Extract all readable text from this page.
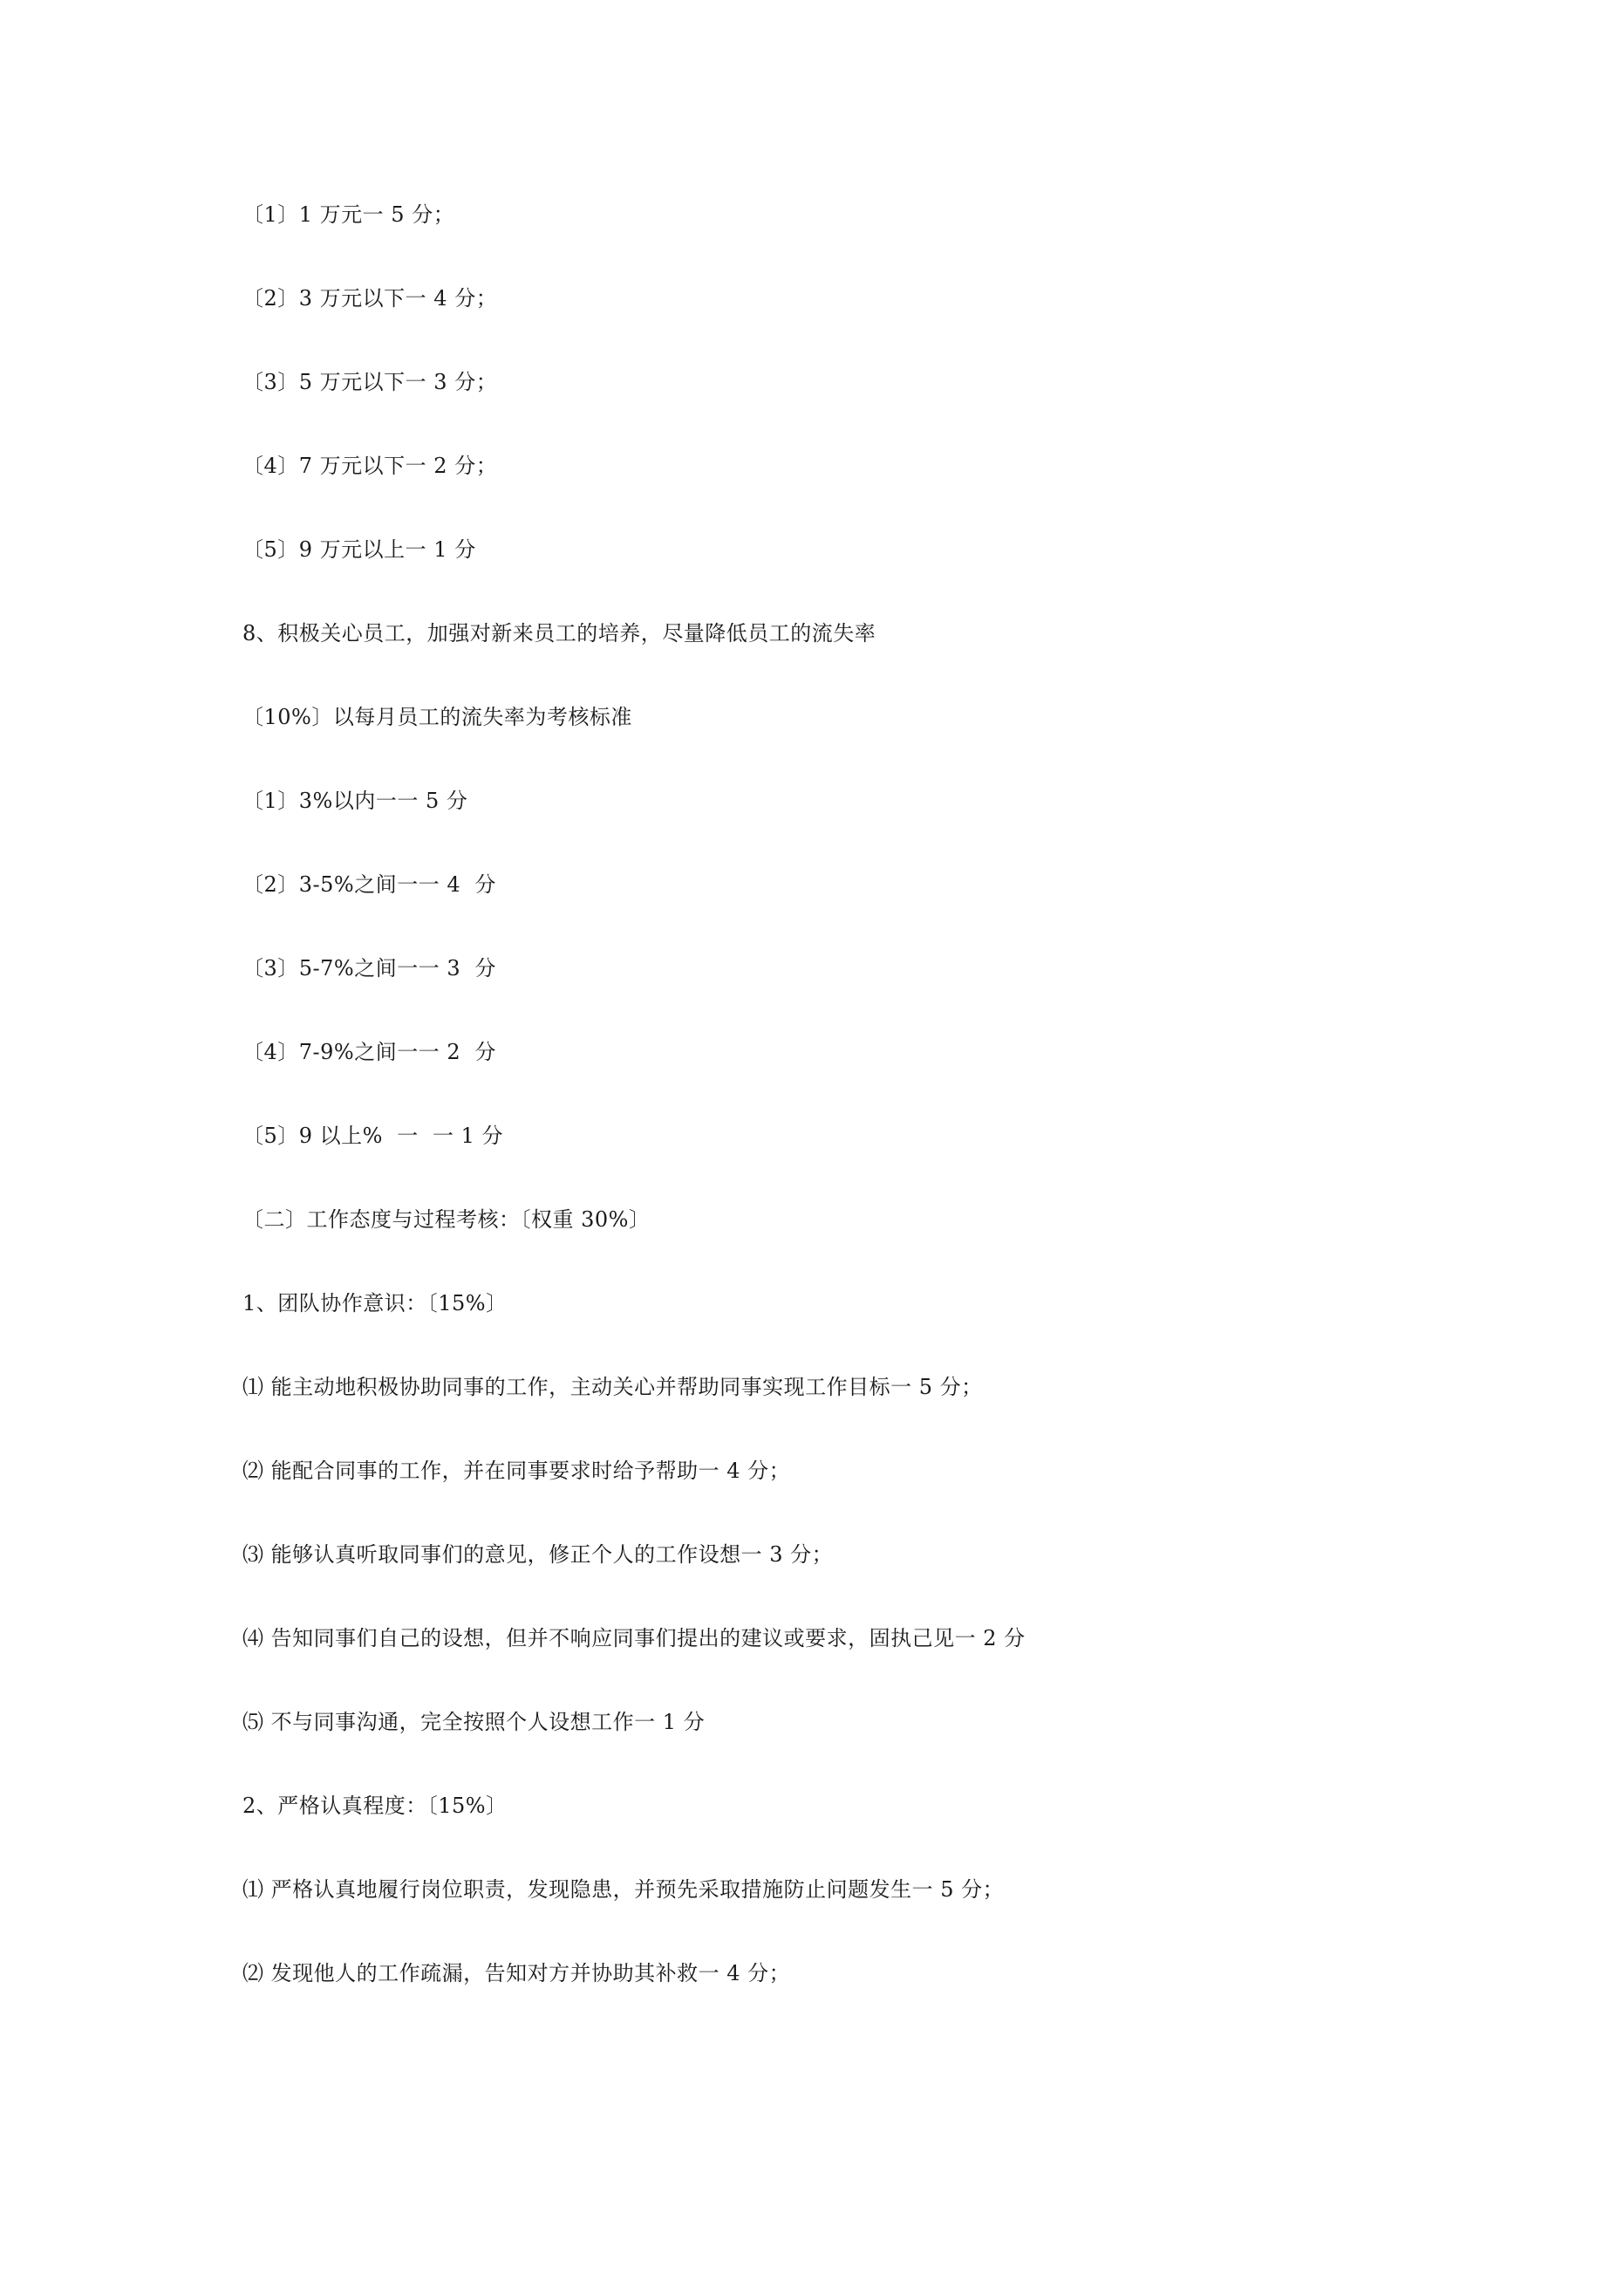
〔1〕1 万元一 5 分；
〔2〕3 万元以下一 4 分；
〔3〕5 万元以下一 3 分；
〔4〕7 万元以下一 2 分；
〔5〕9 万元以上一 1 分
8、积极关心员工，加强对新来员工的培养，尽量降低员工的流失率
〔10%〕以每月员工的流失率为考核标准
〔1〕3%以内一一 5 分
〔2〕3-5%之间一一 4  分
〔3〕5-7%之间一一 3  分
〔4〕7-9%之间一一 2  分
〔5〕9 以上%  一  一 1 分
〔二〕工作态度与过程考核：〔权重 30%〕
1、团队协作意识：〔15%〕
⑴ 能主动地积极协助同事的工作，主动关心并帮助同事实现工作目标一 5 分；
⑵ 能配合同事的工作，并在同事要求时给予帮助一 4 分；
⑶ 能够认真听取同事们的意见，修正个人的工作设想一 3 分；
⑷ 告知同事们自己的设想，但并不响应同事们提出的建议或要求，固执己见一 2 分
⑸ 不与同事沟通，完全按照个人设想工作一 1 分
2、严格认真程度：〔15%〕
⑴ 严格认真地履行岗位职责，发现隐患，并预先采取措施防止问题发生一 5 分；
⑵ 发现他人的工作疏漏，告知对方并协助其补救一 4 分；
